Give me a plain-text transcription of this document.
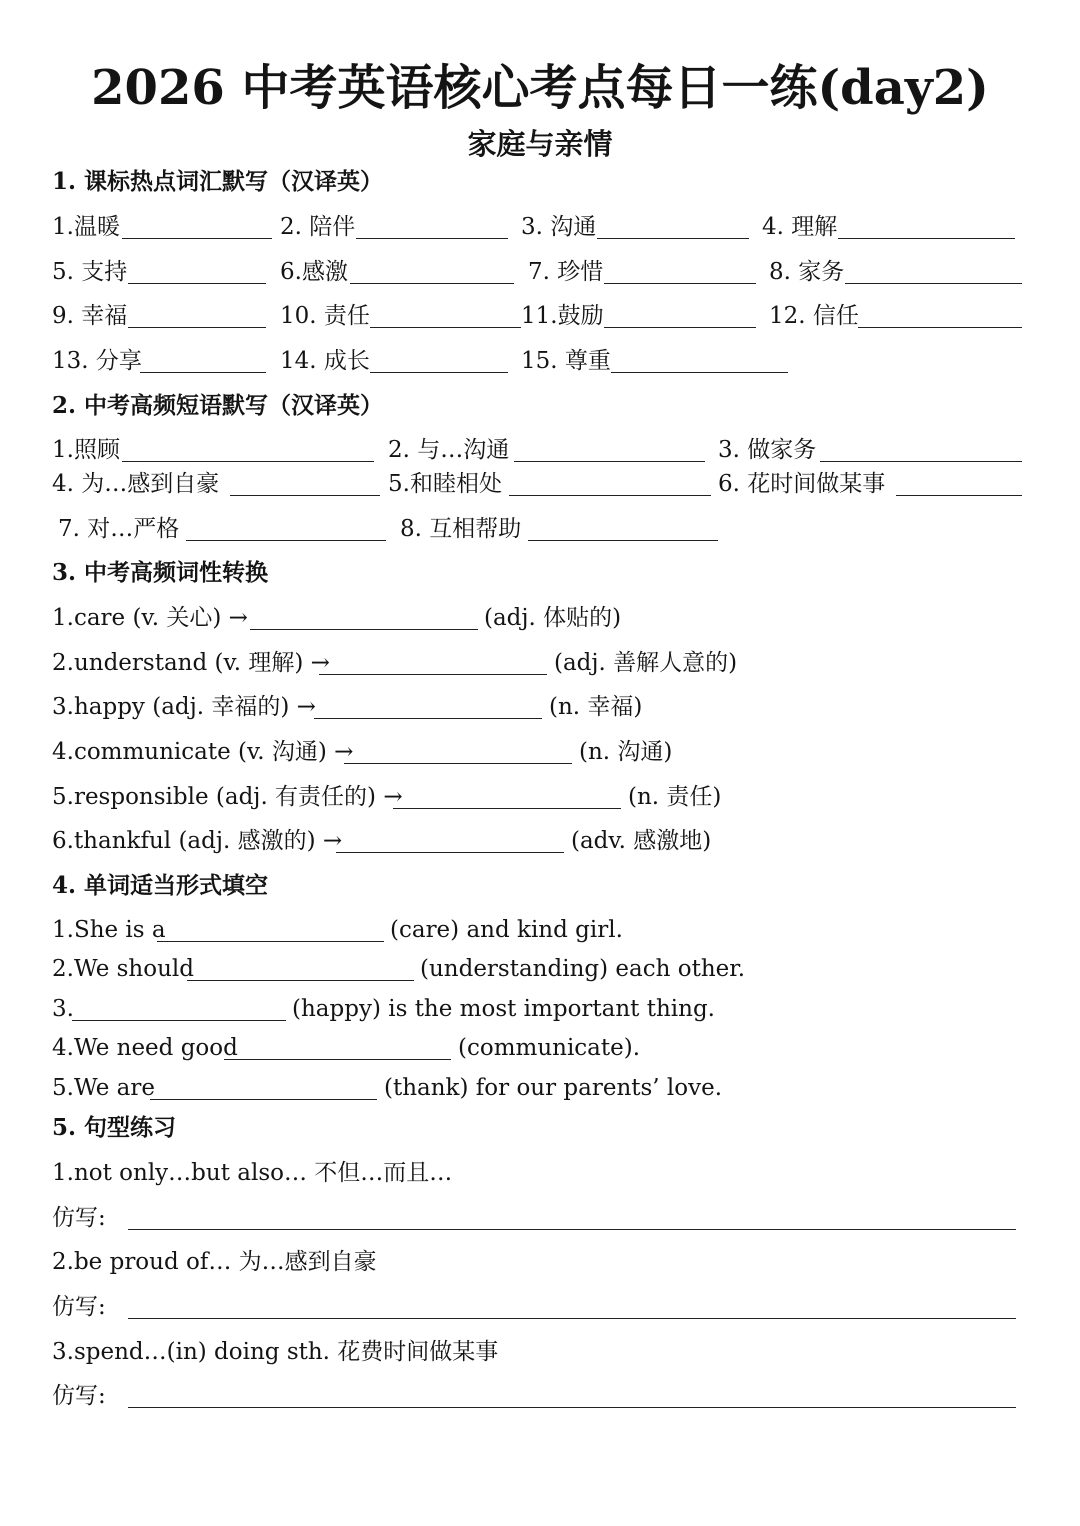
2026 中考英语核心考点每日一练(day2)
家庭与亲情
1. 课标热点词汇默写（汉译英）
1.温暖	2. 陪伴	3. 沟通	4. 理解
5. 支持	6.感激	7. 珍惜	8. 家务
9. 幸福	10. 责任	11.鼓励	12. 信任
13. 分享	14. 成长	15. 尊重
2. 中考高频短语默写（汉译英）
1.照顾	2. 与…沟通	3. 做家务
4. 为…感到自豪	5.和睦相处	6. 花时间做某事
7. 对…严格	8. 互相帮助
3. 中考高频词性转换
1.care (v. 关心) →	(adj. 体贴的)
2.understand (v. 理解) →	(adj. 善解人意的)
3.happy (adj. 幸福的) →	(n. 幸福)
4.communicate (v. 沟通) →	(n. 沟通)
5.responsible (adj. 有责任的) →	(n. 责任)
6.thankful (adj. 感激的) →	(adv. 感激地)
4. 单词适当形式填空
1.She is a	(care) and kind girl.
2.We should	(understanding) each other.
3.	(happy) is the most important thing.
4.We need good	(communicate).
5.We are	(thank) for our parents’ love.
5. 句型练习
1.not only…but also… 不但…而且…
仿写:
2.be proud of… 为…感到自豪
仿写:
3.spend…(in) doing sth. 花费时间做某事
仿写:
